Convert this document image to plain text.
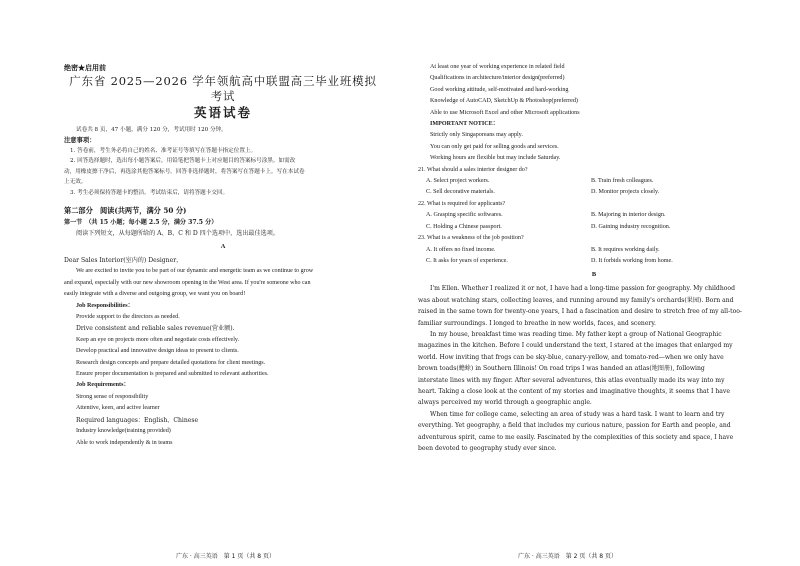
绝密★启用前
广东省 2025—2026 学年领航高中联盟高三毕业班模拟考试
英语试卷
试卷共 8 页，47 小题，满分 120 分，考试用时 120 分钟。
注意事项：
1. 答卷前，考生务必将自己的姓名、准考证号等填写在答题卡指定位置上。
2. 回答选择题时，选出每小题答案后，用铅笔把答题卡上对应题目的答案标号涂黑。如需改
动，用橡皮擦干净后，再选涂其他答案标号。回答非选择题时，将答案写在答题卡上。写在本试卷
上无效。
3. 考生必须保持答题卡的整洁。考试结束后，请将答题卡交回。
第二部分　阅读(共两节，满分 50 分)
第一节　（共 15 小题；每小题 2.5 分，满分 37.5 分）
阅读下列短文，从每题所给的 A、B、C 和 D 四个选项中，选出最佳选项。
A
Dear Sales Interior(室内的) Designer，
We are excited to invite you to be part of our dynamic and energetic team as we continue to grow
and expand, especially with our new showroom opening in the West area. If you're someone who can
easily integrate with a diverse and outgoing group, we want you on board!
Job Responsibilities：
Provide support to the directors as needed.
Drive consistent and reliable sales revenue(营业额).
Keep an eye on projects more often and negotiate costs effectively.
Develop practical and innovative design ideas to present to clients.
Research design concepts and prepare detailed quotations for client meetings.
Ensure proper documentation is prepared and submitted to relevant authorities.
Job Requirements：
Strong sense of responsibility
Attentive, keen, and active learner
Required languages：English、Chinese
Industry knowledge(training provided)
Able to work independently & in teams
广东 · 高三英语　第 1 页（共 8 页）
At least one year of working experience in related field
Qualifications in architecture/interior design(preferred)
Good working attitude, self-motivated and hard-working
Knowledge of AutoCAD, SketchUp & Photoshop(preferred)
Able to use Microsoft Excel and other Microsoft applications
IMPORTANT NOTICE：
Strictly only Singaporeans may apply.
You can only get paid for selling goods and services.
Working hours are flexible but may include Saturday.
21. What should a sales interior designer do?
A. Select project workers.	B. Train fresh colleagues.
C. Sell decorative materials.	D. Monitor projects closely.
22. What is required for applicants?
A. Grasping specific softwares.	B. Majoring in interior design.
C. Holding a Chinese passport.	D. Gaining industry recognition.
23. What is a weakness of the job position?
A. It offers no fixed income.	B. It requires working daily.
C. It asks for years of experience.	D. It forbids working from home.
B
I'm Ellen. Whether I realized it or not, I have had a long-time passion for geography. My childhood
was about watching stars, collecting leaves, and running around my family's orchards(果园). Born and
raised in the same town for twenty-one years, I had a fascination and desire to stretch free of my all-too-
familiar surroundings. I longed to breathe in new worlds, faces, and scenery.
In my house, breakfast time was reading time. My father kept a group of National Geographic
magazines in the kitchen. Before I could understand the text, I stared at the images that enlarged my
world. How inviting that frogs can be sky-blue, canary-yellow, and tomato-red—when we only have
brown toads(蟾蜍) in Southern Illinois! On road trips I was handed an atlas(地图册), following
interstate lines with my finger. After several adventures, this atlas eventually made its way into my
heart. Taking a close look at the content of my stories and imaginative thoughts, it seems that I have
always perceived my world through a geographic angle.
When time for college came, selecting an area of study was a hard task. I want to learn and try
everything. Yet geography, a field that includes my curious nature, passion for Earth and people, and
adventurous spirit, came to me easily. Fascinated by the complexities of this society and space, I have
been devoted to geography study ever since.
广东 · 高三英语　第 2 页（共 8 页）
